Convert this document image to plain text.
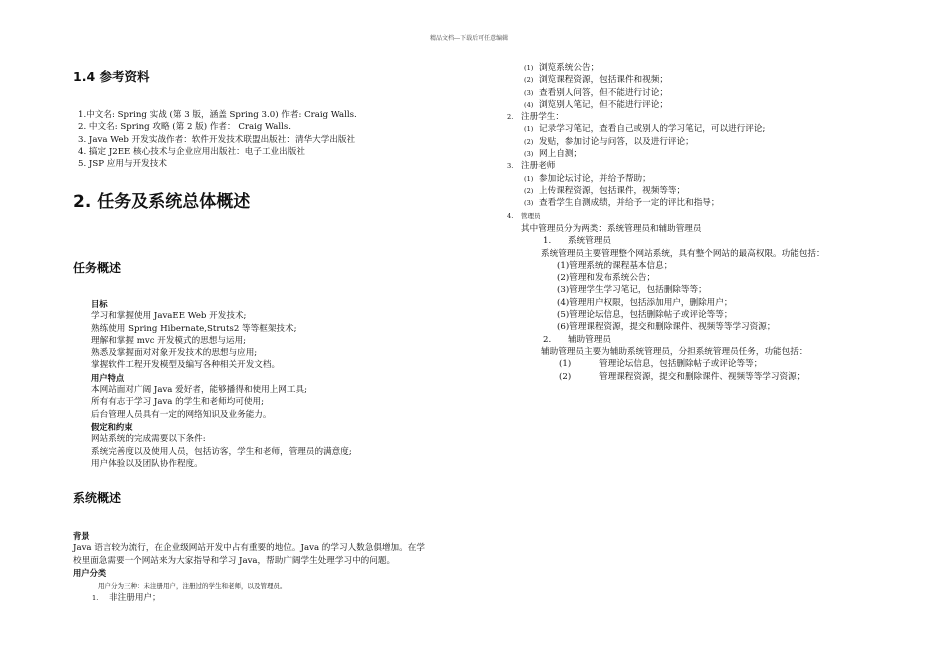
精品文档---下载后可任意编辑
1.4 参考资料
1.中文名: Spring 实战 (第 3 版，涵盖 Spring 3.0) 作者: Craig Walls.
2. 中文名: Spring 攻略 (第 2 版) 作者： Craig Walls.
3. Java Web 开发实战作者：软件开发技术联盟出版社：清华大学出版社
4. 搞定 J2EE 核心技术与企业应用出版社：电子工业出版社
5. JSP 应用与开发技术
2. 任务及系统总体概述
任务概述
目标
学习和掌握使用 JavaEE Web 开发技术;
熟练使用 Spring Hibernate,Struts2 等等框架技术;
理解和掌握 mvc 开发模式的思想与运用;
熟悉及掌握面对对象开发技术的思想与应用;
掌握软件工程开发模型及编写各种相关开发文档。
用户特点
本网站面对广阔 Java 爱好者，能够播得和使用上网工具;
所有有志于学习 Java 的学生和老师均可使用;
后台管理人员具有一定的网络知识及业务能力。
假定和约束
网站系统的完成需要以下条件:
系统完善度以及使用人员，包括访客，学生和老师，管理员的满意度;
用户体验以及团队协作程度。
系统概述
背景
Java 语言较为流行，在企业级网站开发中占有重要的地位。Java 的学习人数急俱增加。在学
校里面急需要一个网站来为大家指导和学习 Java，帮助广阔学生处理学习中的问题。
用户分类
用户分为三种：未注册用户，注册过的学生和老师，以及管理员。
1. 非注册用户；
(1) 浏览系统公告；
(2) 浏览课程资源，包括课件和视频；
(3) 查看别人问答，但不能进行讨论；
(4) 浏览别人笔记，但不能进行评论；
2. 注册学生：
(1) 记录学习笔记，查看自己或别人的学习笔记，可以进行评论;
(2) 发贴，参加讨论与问答，以及进行评论；
(3) 网上自测；
3. 注册老师
(1) 参加论坛讨论，并给予帮助；
(2) 上传课程资源，包括课件，视频等等；
(3) 查看学生自测成绩，并给予一定的评比和指导；
4. 管理员
其中管理员分为两类：系统管理员和辅助管理员
1. 系统管理员
系统管理员主要管理整个网站系统，具有整个网站的最高权限。功能包括：
(1)管理系统的课程基本信息；
(2)管理和发布系统公告；
(3)管理学生学习笔记，包括删除等等；
(4)管理用户权限，包括添加用户，删除用户；
(5)管理论坛信息，包括删除帖子或评论等等；
(6)管理课程资源，提交和删除课件、视频等等学习资源；
2. 辅助管理员
辅助管理员主要为辅助系统管理员，分担系统管理员任务，功能包括：
(1)	管理论坛信息，包括删除帖子或评论等等；
(2)	管理课程资源，提交和删除课件、视频等等学习资源；
